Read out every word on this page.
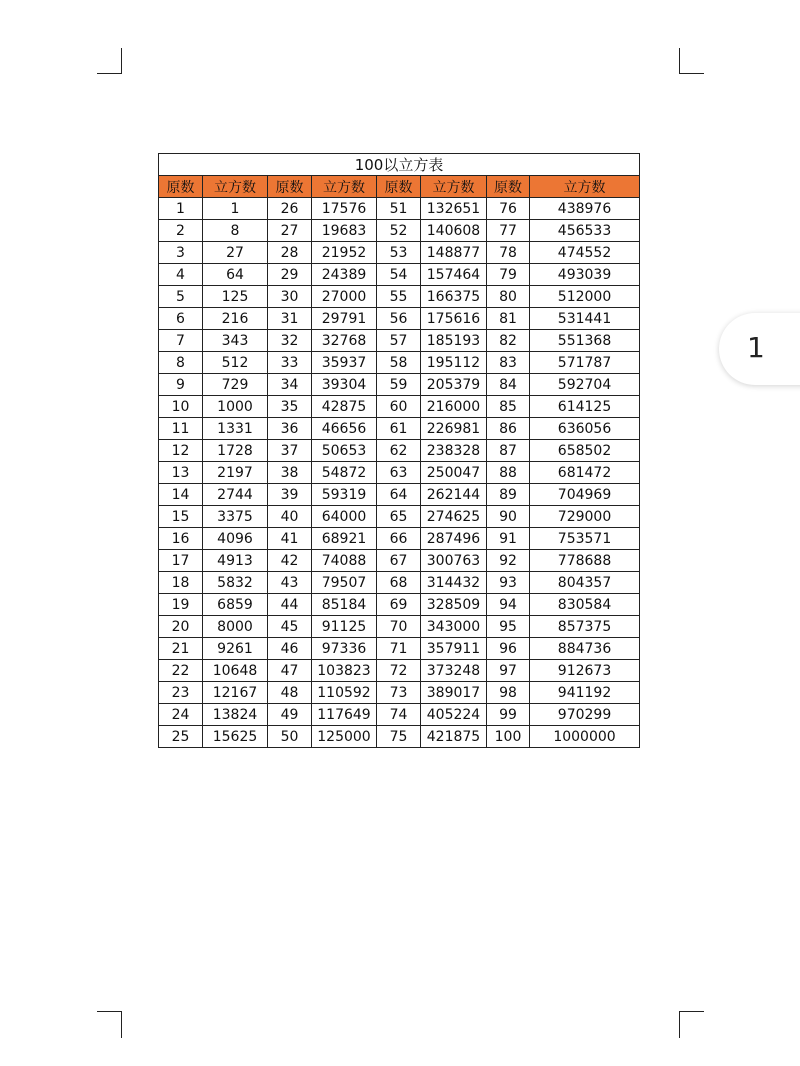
1
100以立方表							
原数	立方数	原数	立方数	原数	立方数	原数	立方数
1	1	26	17576	51	132651	76	438976
2	8	27	19683	52	140608	77	456533
3	27	28	21952	53	148877	78	474552
4	64	29	24389	54	157464	79	493039
5	125	30	27000	55	166375	80	512000
6	216	31	29791	56	175616	81	531441
7	343	32	32768	57	185193	82	551368
8	512	33	35937	58	195112	83	571787
9	729	34	39304	59	205379	84	592704
10	1000	35	42875	60	216000	85	614125
11	1331	36	46656	61	226981	86	636056
12	1728	37	50653	62	238328	87	658502
13	2197	38	54872	63	250047	88	681472
14	2744	39	59319	64	262144	89	704969
15	3375	40	64000	65	274625	90	729000
16	4096	41	68921	66	287496	91	753571
17	4913	42	74088	67	300763	92	778688
18	5832	43	79507	68	314432	93	804357
19	6859	44	85184	69	328509	94	830584
20	8000	45	91125	70	343000	95	857375
21	9261	46	97336	71	357911	96	884736
22	10648	47	103823	72	373248	97	912673
23	12167	48	110592	73	389017	98	941192
24	13824	49	117649	74	405224	99	970299
25	15625	50	125000	75	421875	100	1000000
